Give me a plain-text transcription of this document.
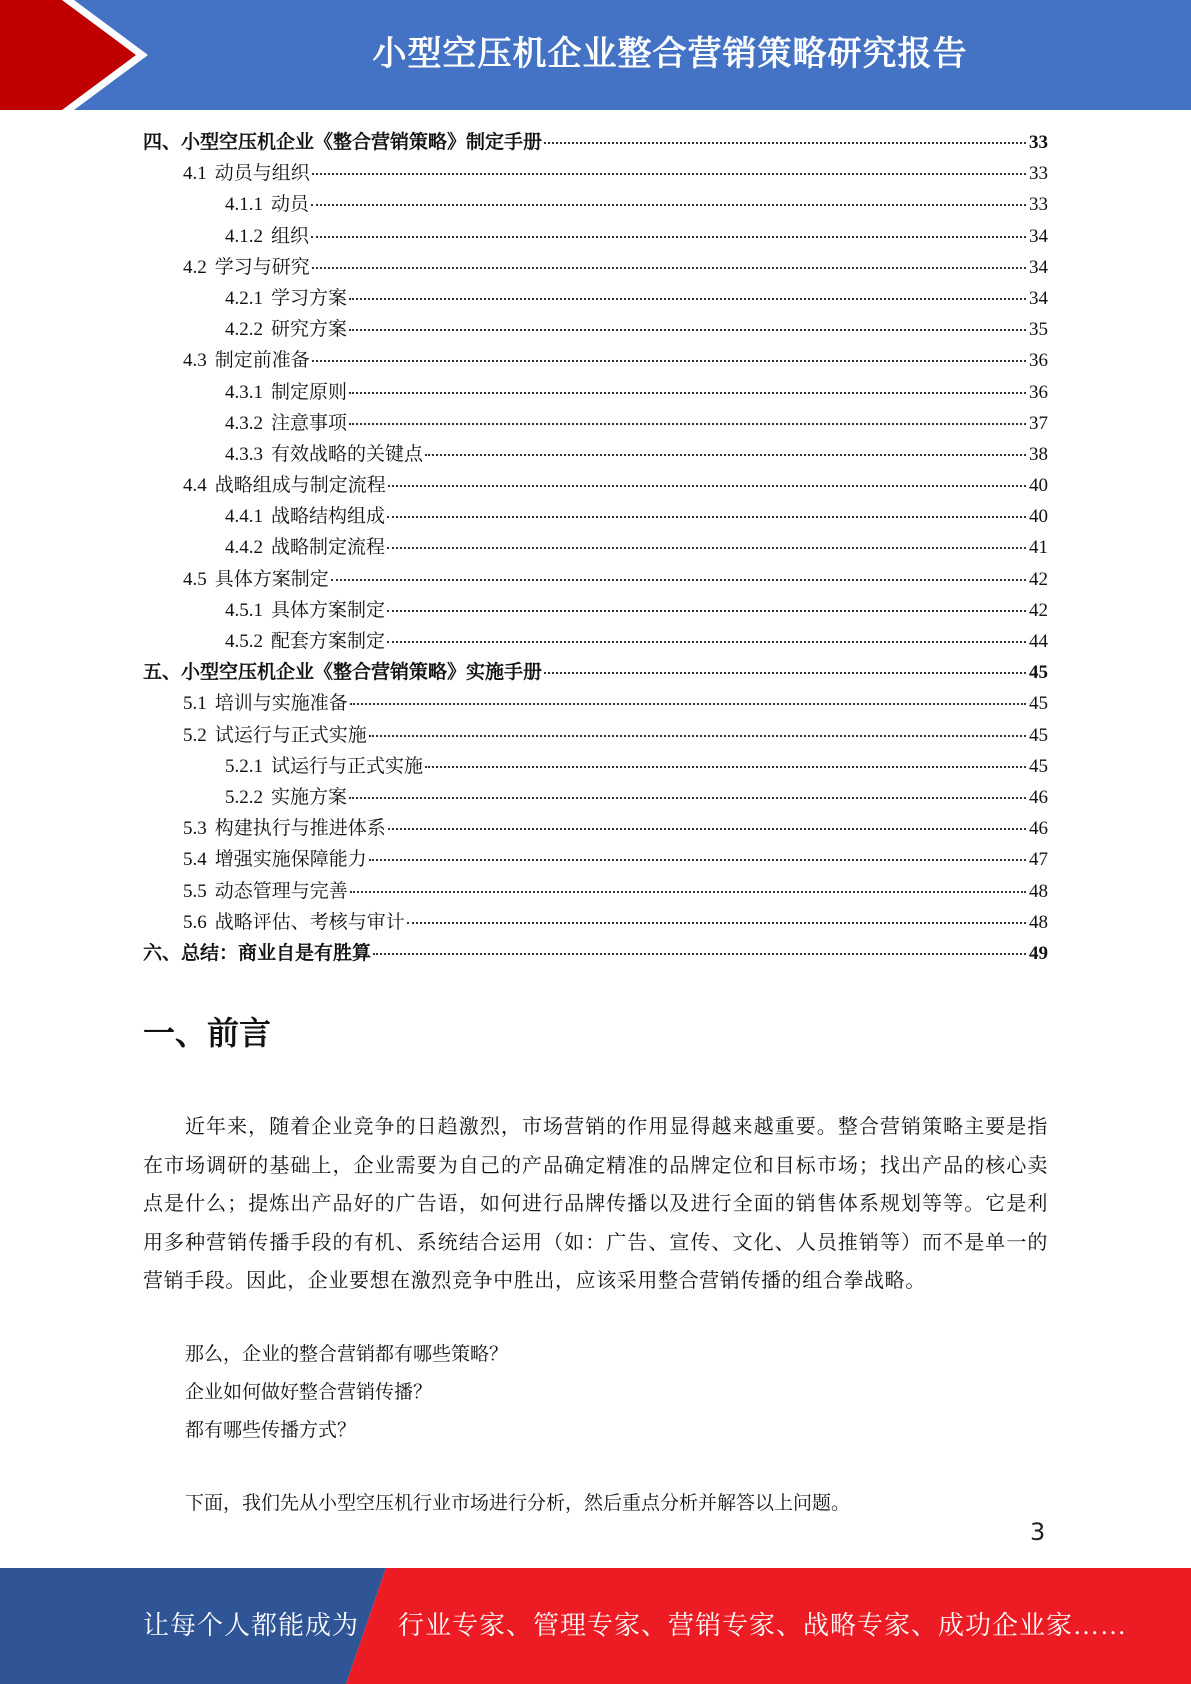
小型空压机企业整合营销策略研究报告
四、小型空压机企业《整合营销策略》制定手册	33
4.1 动员与组织	33
4.1.1 动员	33
4.1.2 组织	34
4.2 学习与研究	34
4.2.1 学习方案	34
4.2.2 研究方案	35
4.3 制定前准备	36
4.3.1 制定原则	36
4.3.2 注意事项	37
4.3.3 有效战略的关键点	38
4.4 战略组成与制定流程	40
4.4.1 战略结构组成	40
4.4.2 战略制定流程	41
4.5 具体方案制定	42
4.5.1 具体方案制定	42
4.5.2 配套方案制定	44
五、小型空压机企业《整合营销策略》实施手册	45
5.1 培训与实施准备	45
5.2 试运行与正式实施	45
5.2.1 试运行与正式实施	45
5.2.2 实施方案	46
5.3 构建执行与推进体系	46
5.4 增强实施保障能力	47
5.5 动态管理与完善	48
5.6 战略评估、考核与审计	48
六、总结：商业自是有胜算	49
一、前言
近年来，随着企业竞争的日趋激烈，市场营销的作用显得越来越重要。整合营销策略主要是指在市场调研的基础上，企业需要为自己的产品确定精准的品牌定位和目标市场；找出产品的核心卖点是什么；提炼出产品好的广告语，如何进行品牌传播以及进行全面的销售体系规划等等。它是利用多种营销传播手段的有机、系统结合运用（如：广告、宣传、文化、人员推销等）而不是单一的营销手段。因此，企业要想在激烈竞争中胜出，应该采用整合营销传播的组合拳战略。
那么，企业的整合营销都有哪些策略？
企业如何做好整合营销传播？
都有哪些传播方式？
下面，我们先从小型空压机行业市场进行分析，然后重点分析并解答以上问题。
3
让每个人都能成为 行业专家、管理专家、营销专家、战略专家、成功企业家……
